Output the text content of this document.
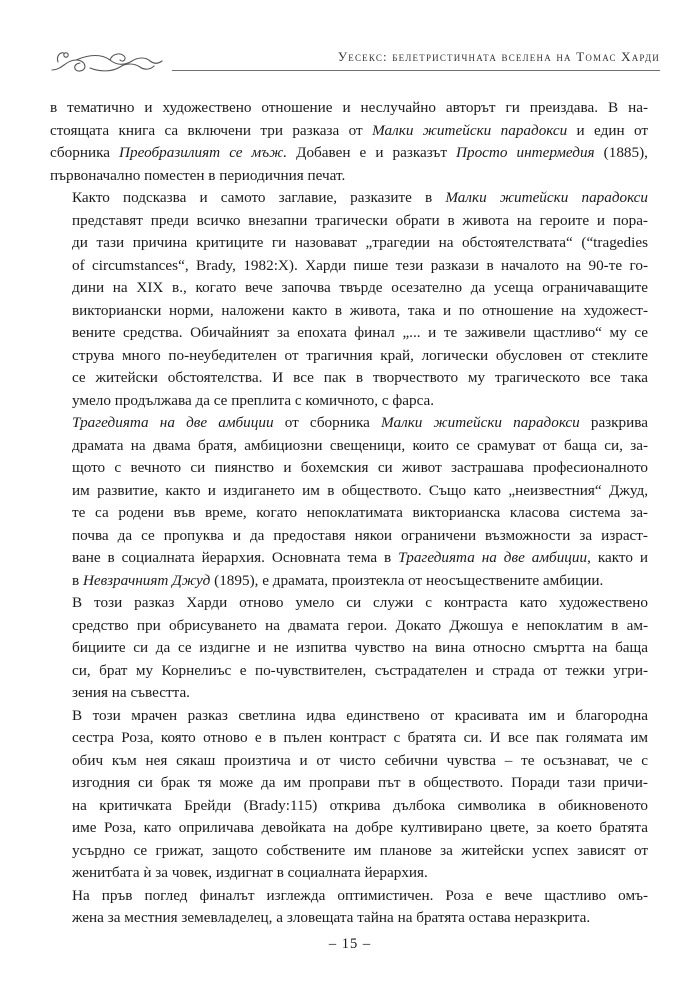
Уесекс: белетристичната вселена на Томас Харди

в тематично и художествено отношение и неслучайно авторът ги преиздава. В на-
стоящата книга са включени три разказа от Малки житейски парадокси и един от
сборника Преобразилият се мъж. Добавен е и разказът Просто интермедия (1885),
първоначално поместен в периодичния печат.

Както подсказва и самото заглавие, разказите в Малки житейски парадокси
представят преди всичко внезапни трагически обрати в живота на героите и пора-
ди тази причина критиците ги назовават „трагедии на обстоятелствата“ (“tragedies
of circumstances“, Brady, 1982:X). Харди пише тези разкази в началото на 90-те го-
дини на XIX в., когато вече започва твърде осезателно да усеща ограничаващите
викториански норми, наложени както в живота, така и по отношение на художест-
вените средства. Обичайният за епохата финал „... и те заживели щастливо“ му се
струва много по-неубедителен от трагичния край, логически обусловен от стеклите
се житейски обстоятелства. И все пак в творчеството му трагическото все така
умело продължава да се преплита с комичното, с фарса.

Трагедията на две амбиции от сборника Малки житейски парадокси разкрива
драмата на двама братя, амбициозни свещеници, които се срамуват от баща си, за-
щото с вечното си пиянство и бохемския си живот застрашава професионалното
им развитие, както и издигането им в обществото. Също като „неизвестния“ Джуд,
те са родени във време, когато непоклатимата викторианска класова система за-
почва да се пропуква и да предоставя някои ограничени възможности за израст-
ване в социалната йерархия. Основната тема в Трагедията на две амбиции, както и
в Невзрачният Джуд (1895), е драмата, произтекла от неосъществените амбиции.

В този разказ Харди отново умело си служи с контраста като художествено
средство при обрисуването на двамата герои. Докато Джошуа е непоклатим в ам-
бициите си да се издигне и не изпитва чувство на вина относно смъртта на баща
си, брат му Корнелиъс е по-чувствителен, състрадателен и страда от тежки угри-
зения на съвестта.

В този мрачен разказ светлина идва единствено от красивата им и благородна
сестра Роза, която отново е в пълен контраст с братята си. И все пак голямата им
обич към нея сякаш произтича и от чисто себични чувства – те осъзнават, че с
изгодния си брак тя може да им проправи път в обществото. Поради тази причи-
на критичката Брейди (Brady:115) открива дълбока символика в обикновеното
име Роза, като оприличава девойката на добре култивирано цвете, за което братята
усърдно се грижат, защото собствените им планове за житейски успех зависят от
женитбата ѝ за човек, издигнат в социалната йерархия.

На пръв поглед финалът изглежда оптимистичен. Роза е вече щастливо омъ-
жена за местния земевладелец, а зловещата тайна на братята остава неразкрита.

– 15 –
